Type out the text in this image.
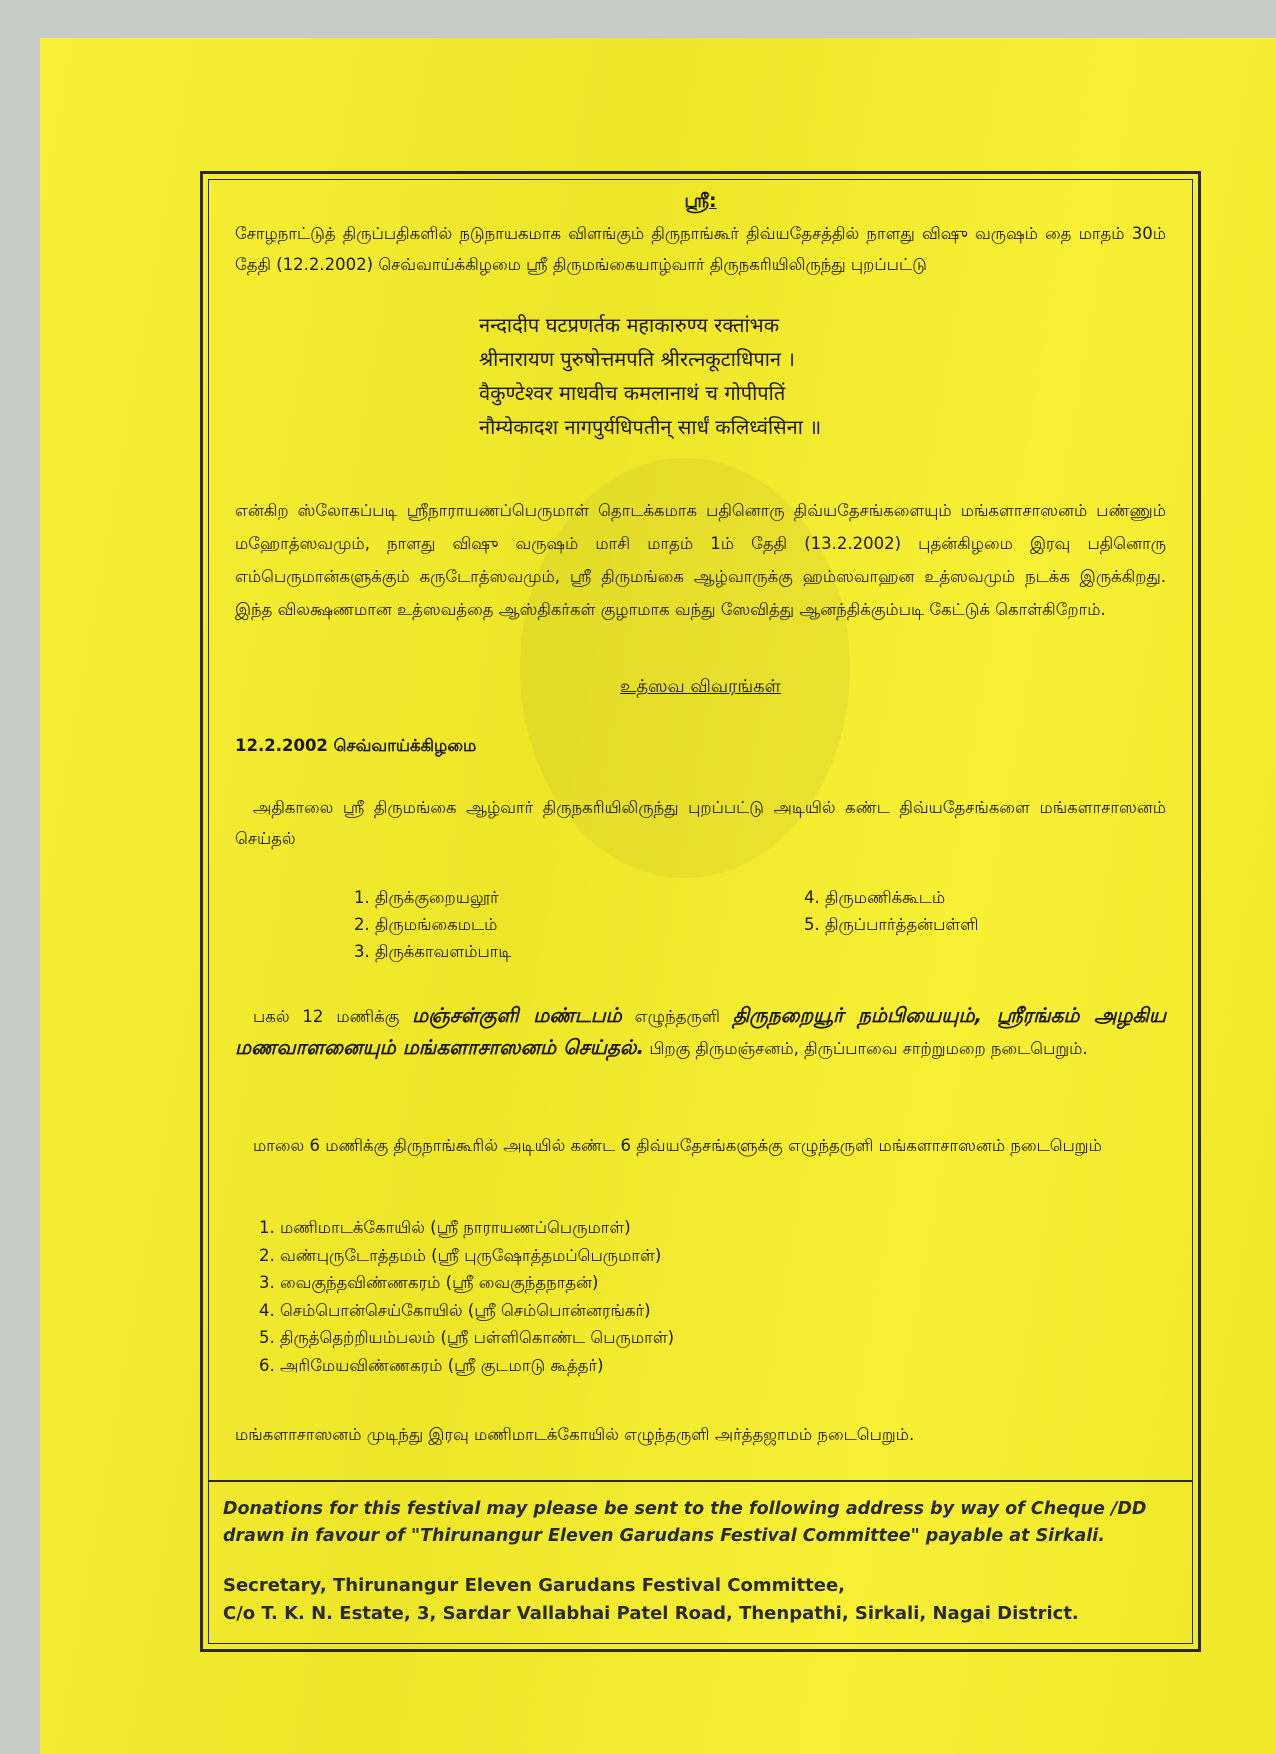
ஸ்ரீ:

சோழநாட்டுத் திருப்பதிகளில் நடுநாயகமாக விளங்கும் திருநாங்கூர் திவ்யதேசத்தில் நாளது விஷு வருஷம் தை மாதம் 30ம் தேதி (12.2.2002) செவ்வாய்க்கிழமை ஸ்ரீ திருமங்கையாழ்வார் திருநகரியிலிருந்து புறப்பட்டு

नन्दादीप घटप्रणर्तक महाकारुण्य रक्तांभक
श्रीनारायण पुरुषोत्तमपति श्रीरत्नकूटाधिपान ।
वैकुण्टेश्वर माधवीच कमलानाथं च गोपीपतिं
नौम्येकादश नागपुर्यधिपतीन् सार्धं कलिध्वंसिना ॥

என்கிற ஸ்லோகப்படி ஸ்ரீநாராயணப்பெருமாள் தொடக்கமாக பதினொரு திவ்யதேசங்களையும் மங்களாசாஸனம் பண்ணும் மஹோத்ஸவமும், நாளது விஷு வருஷம் மாசி மாதம் 1ம் தேதி (13.2.2002) புதன்கிழமை இரவு பதினொரு எம்பெருமான்களுக்கும் கருடோத்ஸவமும், ஸ்ரீ திருமங்கை ஆழ்வாருக்கு ஹம்ஸவாஹன உத்ஸவமும் நடக்க இருக்கிறது. இந்த விலக்ஷணமான உத்ஸவத்தை ஆஸ்திகர்கள் குழாமாக வந்து ஸேவித்து ஆனந்திக்கும்படி கேட்டுக் கொள்கிறோம்.

உத்ஸவ விவரங்கள்
12.2.2002 செவ்வாய்க்கிழமை

அதிகாலை ஸ்ரீ திருமங்கை ஆழ்வார் திருநகரியிலிருந்து புறப்பட்டு அடியில் கண்ட திவ்யதேசங்களை மங்களாசாஸனம் செய்தல்

1. திருக்குறையலூர்
2. திருமங்கைமடம்
3. திருக்காவளம்பாடி
4. திருமணிக்கூடம்
5. திருப்பார்த்தன்பள்ளி

பகல் 12 மணிக்கு மஞ்சள்குளி மண்டபம் எழுந்தருளி திருநறையூர் நம்பியையும், ஸ்ரீரங்கம் அழகிய மணவாளனையும் மங்களாசாஸனம் செய்தல். பிறகு திருமஞ்சனம், திருப்பாவை சாற்றுமறை நடைபெறும்.

மாலை 6 மணிக்கு திருநாங்கூரில் அடியில் கண்ட 6 திவ்யதேசங்களுக்கு எழுந்தருளி மங்களாசாஸனம் நடைபெறும்

1. மணிமாடக்கோயில் (ஸ்ரீ நாராயணப்பெருமாள்)
2. வண்புருடோத்தமம் (ஸ்ரீ புருஷோத்தமப்பெருமாள்)
3. வைகுந்தவிண்ணகரம் (ஸ்ரீ வைகுந்தநாதன்)
4. செம்பொன்செய்கோயில் (ஸ்ரீ செம்பொன்னரங்கர்)
5. திருத்தெற்றியம்பலம் (ஸ்ரீ பள்ளிகொண்ட பெருமாள்)
6. அரிமேயவிண்ணகரம் (ஸ்ரீ குடமாடு கூத்தர்)
மங்களாசாஸனம் முடிந்து இரவு மணிமாடக்கோயில் எழுந்தருளி அர்த்தஜாமம் நடைபெறும்.
Donations for this festival may please be sent to the following address by way of Cheque /DD
drawn in favour of "Thirunangur Eleven Garudans Festival Committee" payable at Sirkali.
Secretary, Thirunangur Eleven Garudans Festival Committee,
C/o T. K. N. Estate, 3, Sardar Vallabhai Patel Road, Thenpathi, Sirkali, Nagai District.
